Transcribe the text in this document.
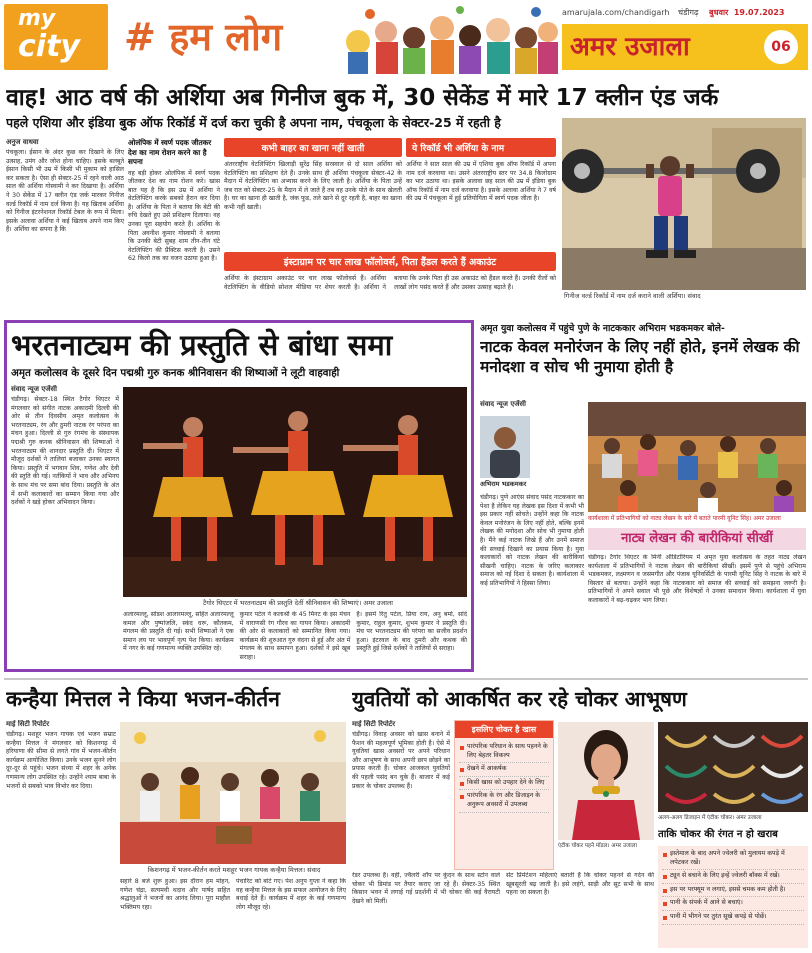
my
city # हम लोग
amarujala.com/chandigarh चंडीगढ़ बुधवार 19.07.2023
अमर उजाला	06
वाह! आठ वर्ष की अर्शिया अब गिनीज बुक में, 30 सेकेंड में मारे 17 क्लीन एंड जर्क
पहले एशिया और इंडिया बुक ऑफ रिकॉर्ड में दर्ज करा चुकी है अपना नाम, पंचकूला के सेक्टर-25 में रहती है
अनुज वाधवा
पंचकूला। ईसान के अंदर कुछ कर दिखाने के लिए उत्साह, उमंग और जोश होना चाहिए। इसके बलबूते ईसान किसी भी उम्र में किसी भी मुकाम को हासिल कर सकता है। ऐसा ही सेक्टर-25 में रहने वाली आठ साल की अर्शिया गोस्वामी ने कर दिखाया है। अर्शिया ने 30 सेकेंड में 17 क्लीन एंड जर्क मारकर गिनीज वर्ल्ड रिकॉर्ड में नाम दर्ज किया है। यह खिताब अर्शिया को गिनीज इंटरनेशनल रिकॉर्ड टेबल के रूप में मिला। इसके अलावा अर्शिया ने कई खिताब अपने नाम किए हैं। अर्शिया का सपना है कि
ओलंपिक में स्वर्ण पदक जीतकर देश का नाम रोशन करने का है सपना
वह बड़ी होकर ओलंपिक में स्वर्ण पदक जीतकर देश का नाम रोशन करे। खास बात यह है कि इस उम्र में अर्शिया ने वेटलिफ्टिंग करके सबको हैरान कर दिया है। अर्शिया के पिता ने बताया कि बेटी की रुचि देखते हुए उसे प्रशिक्षण दिलाया। वह उनका पूरा सहयोग करते हैं। अर्शिया के पिता अवनीश कुमार गोस्वामी ने बताया कि उनकी बेटी सुबह शाम तीन-तीन घंटे वेटलिफ्टिंग की प्रैक्टिस करती है। उसने 62 किलो तक का वजन उठाया हुआ है।
कभी बाहर का खाना नहीं खाती
अंतरराष्ट्रीय वेटलिफ्टिंग खिलाड़ी सुरेंद्र सिंह सरस्वाल से दो साल अर्शिया को वेटलिफ्टिंग का प्रशिक्षण देते हैं। उनके साथ ही अर्शिया पंचकूला सेक्टर-42 के मैदान में वेटलिफ्टिंग का अभ्यास करने के लिए जाती है। अर्शिया के पिता उन्हें जब रात को सेक्टर-25 के मैदान में ले जाते हैं तब वह उनके पोते के साथ खेलती है। घर का खाना ही खाती है, जंक फूड, तले खाने से दूर रहती है, बाहर का खाना कभी नहीं खाती।
ये रिकॉर्ड भी अर्शिया के नाम
अर्शिया ने सात साल की उम्र में एशिया बुक ऑफ रिकॉर्ड में अपना नाम दर्ज करवाया था। उसने अंतरराष्ट्रीय स्तर पर 34.8 किलोग्राम का भार उठाया था। इसके अलावा छह साल की उम्र में इंडिया बुक ऑफ रिकॉर्ड में नाम दर्ज करवाया है। इसके अलावा अर्शिया ने 7 वर्ष की उम्र में पंचकूला में हुई प्रतियोगिता में स्वर्ण पदक जीता है।
इंस्टाग्राम पर चार लाख फॉलोवर्स, पिता हैंडल करते हैं अकाउंट
अर्शिया के इंस्टाग्राम अकाउंट पर चार लाख फॉलोवर्स हैं। अर्शिया वेटलिफ्टिंग के वीडियो सोशल मीडिया पर शेयर करती है। अर्शिया ने बताया कि उनके पिता ही उस अकाउंट को हैंडल करते हैं। उनकी रीलों को लाखों लोग पसंद करते हैं और उसका उत्साह बढ़ाते हैं।
गिनीज वर्ल्ड रिकॉर्ड में नाम दर्ज कराने वाली अर्शिया। संवाद
भरतनाट्यम की प्रस्तुति से बांधा समा
अमृत कलोत्सव के दूसरे दिन पद्मश्री गुरु कनक श्रीनिवासन की शिष्याओं ने लूटी वाहवाही
संवाद न्यूज एजेंसी
चंडीगढ़। सेक्टर-18 स्थित टैगोर थिएटर में मंगलवार को संगीत नाटक अकादमी दिल्ली की ओर से तीन दिवसीय अमृत कलोत्सव के भरतनाट्यम, रंग और ठुमरी नाटक रंग परंपरा का मंचन हुआ। दिल्ली से गुरु रंगमंच के संस्थापक पद्मश्री गुरु कनक श्रीनिवासन की शिष्याओं ने भरतनाट्यम की शानदार प्रस्तुति दी। थिएटर में मौजूद दर्शकों ने तालियां बजाकर उनका स्वागत किया। प्रस्तुति में भगवान शिव, गणेश और देवी की स्तुति की गई। नर्तकियों ने भाव और अभिनय के साथ मंच पर समा बांध दिया। प्रस्तुति के अंत में सभी कलाकारों का सम्मान किया गया और दर्शकों ने खड़े होकर अभिवादन किया।
टैगोर थिएटर में भरतनाट्यम की प्रस्तुति देतीं श्रीनिवासन की शिष्याएं। अमर उजाला
अलारमल्लू, सोडश आलारमल्लू, सहित अलारमल्लू कमल और पुष्पांजलि, स्कंद धरू, कौतकम, मंगलम की प्रस्तुति दी गई। सभी शिष्याओं ने एक समान लय पर भावपूर्ण नृत्य पेश किया। कार्यक्रम में नगर के कई गणमान्य व्यक्ति उपस्थित रहे।
कुमार पटेल ने कलाश्री के 45 मिनट के इस मंचन में वाराणसी रंग गौरव का गायन किया। अकादमी की ओर से कलाकारों को सम्मानित किया गया। कार्यक्रम की शुरुआत गुरु वंदना से हुई और अंत में मंगलम के साथ समापन हुआ। दर्शकों ने इसे खूब सराहा।
है। इसमें रितु पटेल, प्रिया राय, अनु बर्मा, सांदे कुमार, राहुल कुमार, शुभम कुमार ने प्रस्तुति दी। मंच पर भरतनाट्यम की परंपरा का सजीव प्रदर्शन हुआ। इंटरवल के बाद ठुमरी और कथक की प्रस्तुति हुई जिसे दर्शकों ने तालियों से सराहा।
अमृत युवा कलोत्सव में पहुंचे पुणे के नाटककार अभिराम भडकमकर बोले-
नाटक केवल मनोरंजन के लिए नहीं होते, इनमें लेखक की मनोदशा व सोच भी नुमाया होती है
संवाद न्यूज एजेंसी
अभिराम भडकमकर
चंडीगढ़। पुणे आएंस संवाद पसंद नाटककार का पेशा है लेकिन यह लेखक इस दिशा में कभी भी इस प्रकार नहीं सोचते। उन्होंने कहा कि नाटक केवल मनोरंजन के लिए नहीं होते, बल्कि इनमें लेखक की मनोदशा और सोच भी नुमाया होती है। मैंने कई नाटक लिखे हैं और उनमें समाज की सच्चाई दिखाने का प्रयास किया है। युवा कलाकारों को नाटक लेखन की बारीकियां सीखनी चाहिए। नाटक के जरिए कलाकार समाज को नई दिशा दे सकता है। कार्यशाला में कई प्रतिभागियों ने हिस्सा लिया।
कार्यशाला में प्रतिभागियों को नाट्य लेखन के बारे में बताते पारमी यूनिट सिंह। अमर उजाला
नाट्य लेखन की बारीकियां सीखीं
चंडीगढ़। टैगोर थिएटर के मिनी ऑडिटोरियम में अमृत युवा कलोत्सव के तहत नाट्य लेखन कार्यशाला में प्रतिभागियों ने नाटक लेखन की बारीकियां सीखीं। इसमें पुणे से पहुंचे अभिराम भडकमकर, लक्ष्मणन व जसमगीत और पंजाब यूनिवर्सिटी के पारमी यूनिट सिंह ने नाटक के बारे में विस्तार से बताया। उन्होंने कहा कि नाटककार को समाज की सच्चाई को समझना जरूरी है। प्रतिभागियों ने अपने सवाल भी पूछे और विशेषज्ञों ने उनका समाधान किया। कार्यशाला में युवा कलाकारों ने बढ़-चढ़कर भाग लिया।
कन्हैया मित्तल ने किया भजन-कीर्तन
माई सिटी रिपोर्टर
चंडीगढ़। मशहूर भजन गायक एवं भजन सम्राट कन्हैया मित्तल ने मंगलवार को किशनगढ़ में हरियाणा की सीमा से लगते गांव में भजन-कीर्तन कार्यक्रम आयोजित किया। उनके भजन सुनने लोग दूर-दूर से पहुंचे। भजन संध्या में शहर के अनेक गणमान्य लोग उपस्थित रहे। उन्होंने श्याम बाबा के भजनों से सबको भाव विभोर कर दिया।
किशनगढ़ में भजन-कीर्तन करते मशहूर भजन गायक कन्हैया मित्तल। संवाद
सहारे 8 बजे शुरू हुआ। इस दौरान हम मोहन, गणेश चंद्रा, सत्यमवी थदाव और पार्षद सहित श्रद्धालुओं ने भजनों का आनंद लिया। पूरा माहौल भक्तिमय रहा।
पंचारिट को बांटे गए। पेश अनुप गुप्ता ने कहा कि वह कन्हैया मित्तल के इस सफल आयोजन के लिए बधाई देते हैं। कार्यक्रम में शहर के कई गणमान्य लोग मौजूद रहे।
युवतियों को आकर्षित कर रहे चोकर आभूषण
माई सिटी रिपोर्टर
चंडीगढ़। विवाह अवसर को खास बनाने में फैशन की महत्वपूर्ण भूमिका होती है। ऐसे में युवतियां खास अवसरों पर अपने परिधान और आभूषण के साथ अपनी छाप छोड़ने का प्रयास करती हैं। चोकर आजकल युवतियों की पहली पसंद बन चुके हैं। बाजार में कई प्रकार के चोकर उपलब्ध हैं।
इसलिए चोकर है खास
पारंपरिक परिधान के साथ पहनने के लिए बेहतर विकल्प
देखने में आकर्षक
किसी खास को उपहार देने के लिए
पारंपरिक के रंग और डिजाइन के अनुरूप अवसरों में उपलब्ध
एंटीक चोकर पहने मॉडल। अमर उजाला
अलग-अलग डिजाइन में एंटीक चोकर। अमर उजाला
ताकि चोकर की रंगत न हो खराब
इस्तेमाल के बाद अपने ज्वेलरी को मुलायम कपड़े में लपेटकर रखें।
ट्यून से बचाने के लिए इन्हें ज्वेलरी बॉक्स में रखें।
इस पर परफ्यूम न लगाएं, इससे चमक कम होती है।
पानी के संपर्क में आने से बचाएं।
पानी में भीगने पर तुरंत सूखे कपड़े से पोछें।
रेडर उपलब्ध हैं। वहीं, ज्वैलरी शॉप पर कुंदन के साथ स्टोन वाले चोकर भी डिमांड पर तैयार कराए जा रहे हैं। सेक्टर-35 स्थित किसान भवन में लगाई गई प्रदर्शनी में भी चोकर की कई वैरायटी देखने को मिलीं।
सेंट प्रिमेंटेशन महिलाएं बताती हैं कि चोकर पहनने से गर्दन की खूबसूरती बढ़ जाती है। इसे लहंगे, साड़ी और सूट सभी के साथ पहना जा सकता है।
